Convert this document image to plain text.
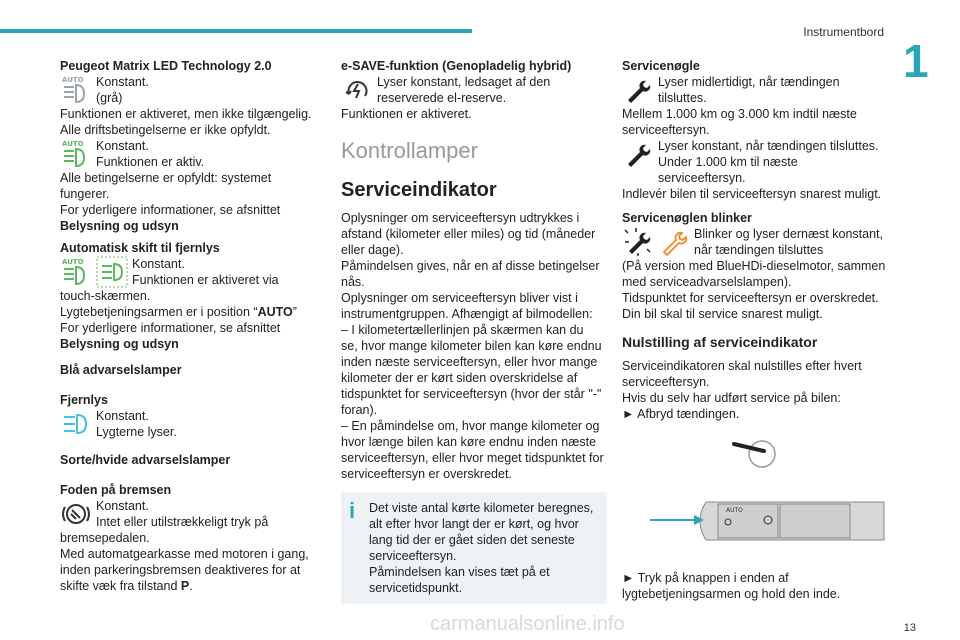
Instrumentbord
1
Peugeot Matrix LED Technology 2.0
AUTO Konstant.

(grå)

Funktionen er aktiveret, men ikke tilgængelig.

Alle driftsbetingelserne er ikke opfyldt.

AUTO Konstant.

Funktionen er aktiv.

Alle betingelserne er opfyldt: systemet fungerer.

For yderligere informationer, se afsnittet

Belysning og udsyn

Automatisk skift til fjernlys
AUTO	Konstant.

Funktionen er aktiveret via

touch-skærmen.

Lygtebetjeningsarmen er i position “AUTO”

For yderligere informationer, se afsnittet

Belysning og udsyn

Blå advarselslamper
Fjernlys

Konstant.

Lygterne lyser.

Sorte/hvide advarselslamper
Foden på bremsen

Konstant.

Intet eller utilstrækkeligt tryk på

bremsepedalen.

Med automatgearkasse med motoren i gang,

inden parkeringsbremsen deaktiveres for at

skifte væk fra tilstand P.

e-SAVE-funktion (Genopladelig hybrid)

Lyser konstant, ledsaget af den

reserverede el-reserve.

Funktionen er aktiveret.

Kontrollamper
Serviceindikator

Oplysninger om serviceeftersyn udtrykkes i

afstand (kilometer eller miles) og tid (måneder

eller dage).

Påmindelsen gives, når en af disse betingelser

nås.

Oplysninger om serviceeftersyn bliver vist i

instrumentgruppen. Afhængigt af bilmodellen:

– I kilometertællerlinjen på skærmen kan du

se, hvor mange kilometer bilen kan køre endnu

inden næste serviceeftersyn, eller hvor mange

kilometer der er kørt siden overskridelse af

tidspunktet for serviceeftersyn (hvor der står "-"

foran).

– En påmindelse om, hvor mange kilometer og

hvor længe bilen kan køre endnu inden næste

serviceeftersyn, eller hvor meget tidspunktet for

serviceeftersyn er overskredet.

i	Det viste antal kørte kilometer beregnes,

alt efter hvor langt der er kørt, og hvor

lang tid der er gået siden det seneste

serviceeftersyn.

Påmindelsen kan vises tæt på et

servicetidspunkt.

Servicenøgle

Lyser midlertidigt, når tændingen

tilsluttes.

Mellem 1.000 km og 3.000 km indtil næste

serviceeftersyn.

Lyser konstant, når tændingen tilsluttes.

Under 1.000 km til næste serviceeftersyn.

Indlevér bilen til serviceeftersyn snarest muligt.

Servicenøglen blinker

Blinker og lyser dernæst konstant,

når tændingen tilsluttes

(På version med BlueHDi-dieselmotor, sammen

med serviceadvarselslampen).

Tidspunktet for serviceeftersyn er overskredet.

Din bil skal til service snarest muligt.

Nulstilling af serviceindikator

Serviceindikatoren skal nulstilles efter hvert

serviceeftersyn.

Hvis du selv har udført service på bilen:

► Afbryd tændingen.

AUTO

► Tryk på knappen i enden af

lygtebetjeningsarmen og hold den inde.

carmanualsonline.info	13
